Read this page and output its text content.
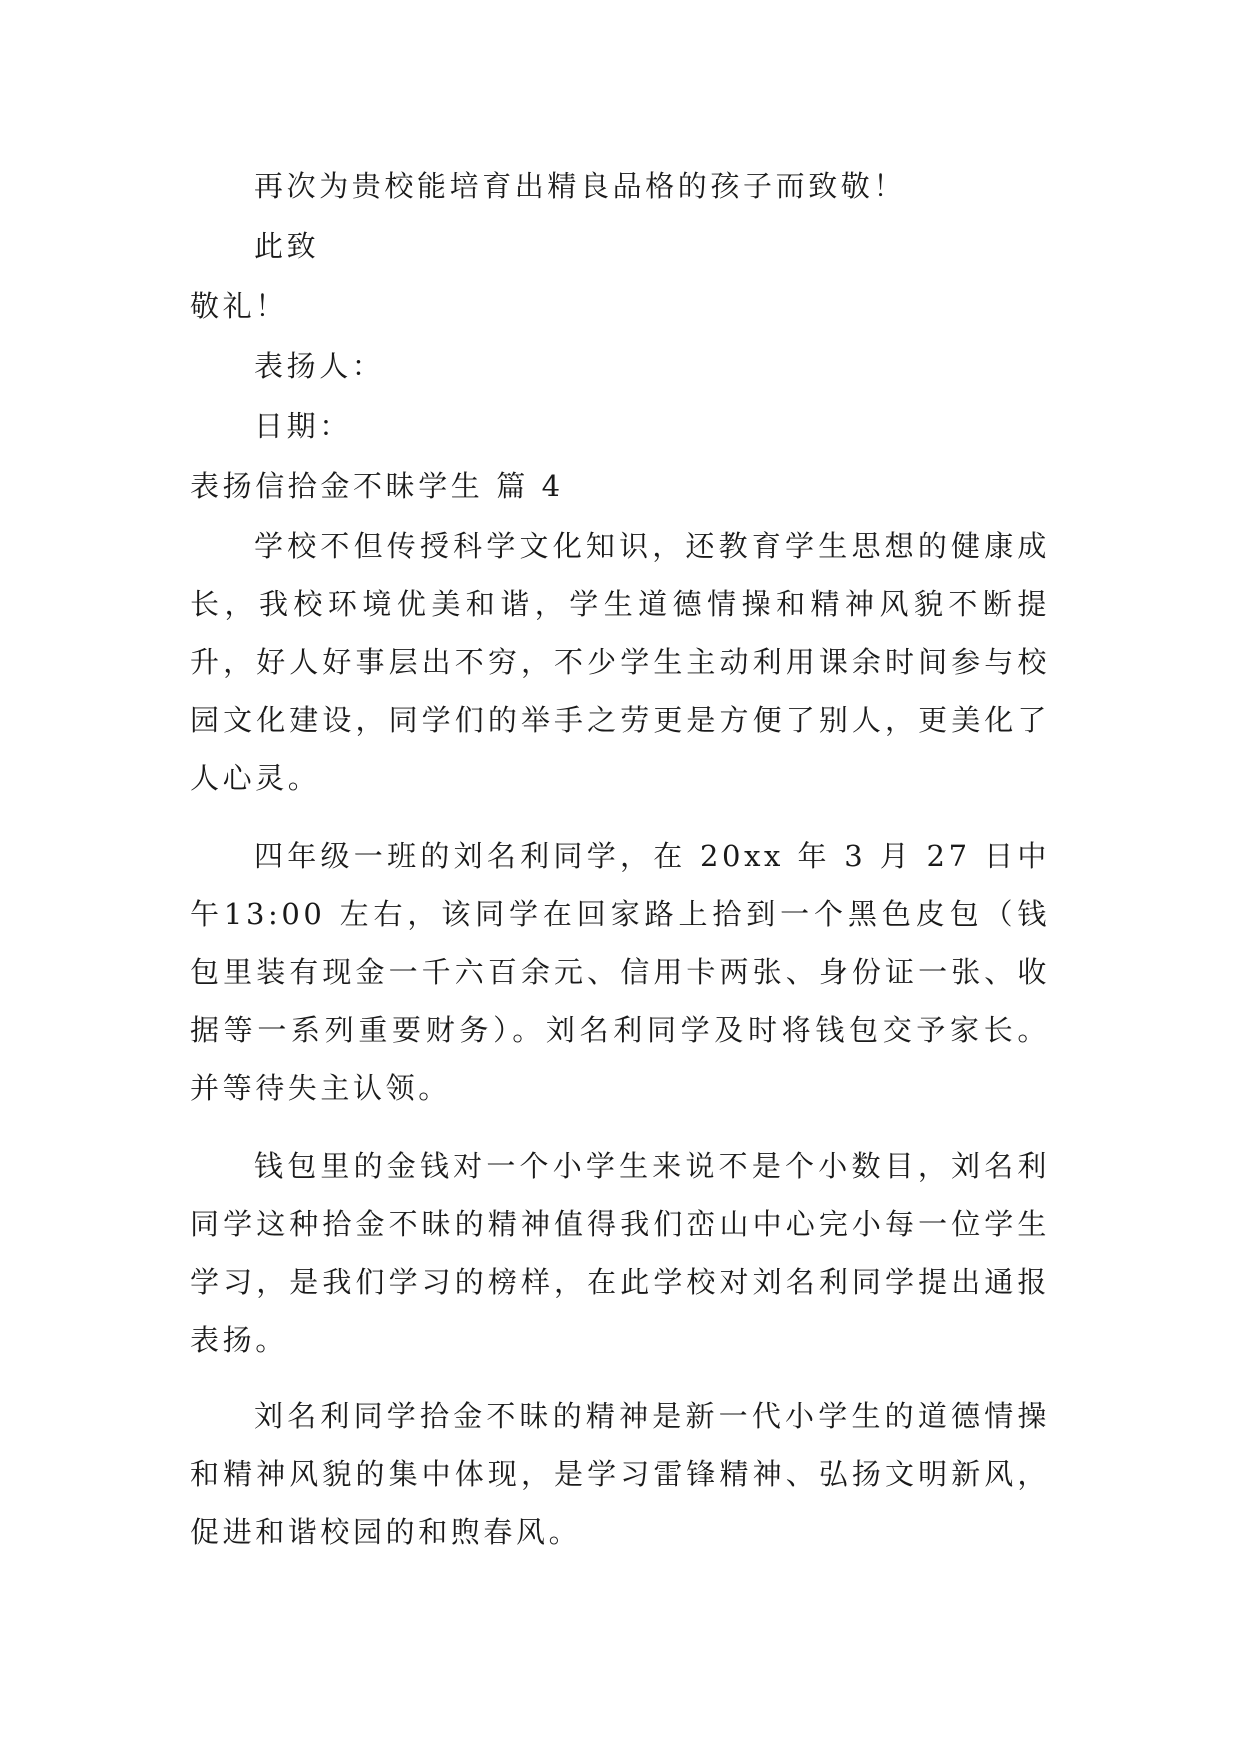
再次为贵校能培育出精良品格的孩子而致敬！
此致
敬礼！
表扬人：
日期：
表扬信拾金不昧学生 篇 4
学校不但传授科学文化知识，还教育学生思想的健康成长，我校环境优美和谐，学生道德情操和精神风貌不断提升，好人好事层出不穷，不少学生主动利用课余时间参与校园文化建设，同学们的举手之劳更是方便了别人，更美化了人心灵。
四年级一班的刘名利同学，在 20xx 年 3 月 27 日中午13:00 左右，该同学在回家路上拾到一个黑色皮包（钱包里装有现金一千六百余元、信用卡两张、身份证一张、收据等一系列重要财务）。刘名利同学及时将钱包交予家长。并等待失主认领。
钱包里的金钱对一个小学生来说不是个小数目，刘名利同学这种拾金不昧的精神值得我们峦山中心完小每一位学生学习，是我们学习的榜样，在此学校对刘名利同学提出通报表扬。
刘名利同学拾金不昧的精神是新一代小学生的道德情操和精神风貌的集中体现，是学习雷锋精神、弘扬文明新风，促进和谐校园的和煦春风。
